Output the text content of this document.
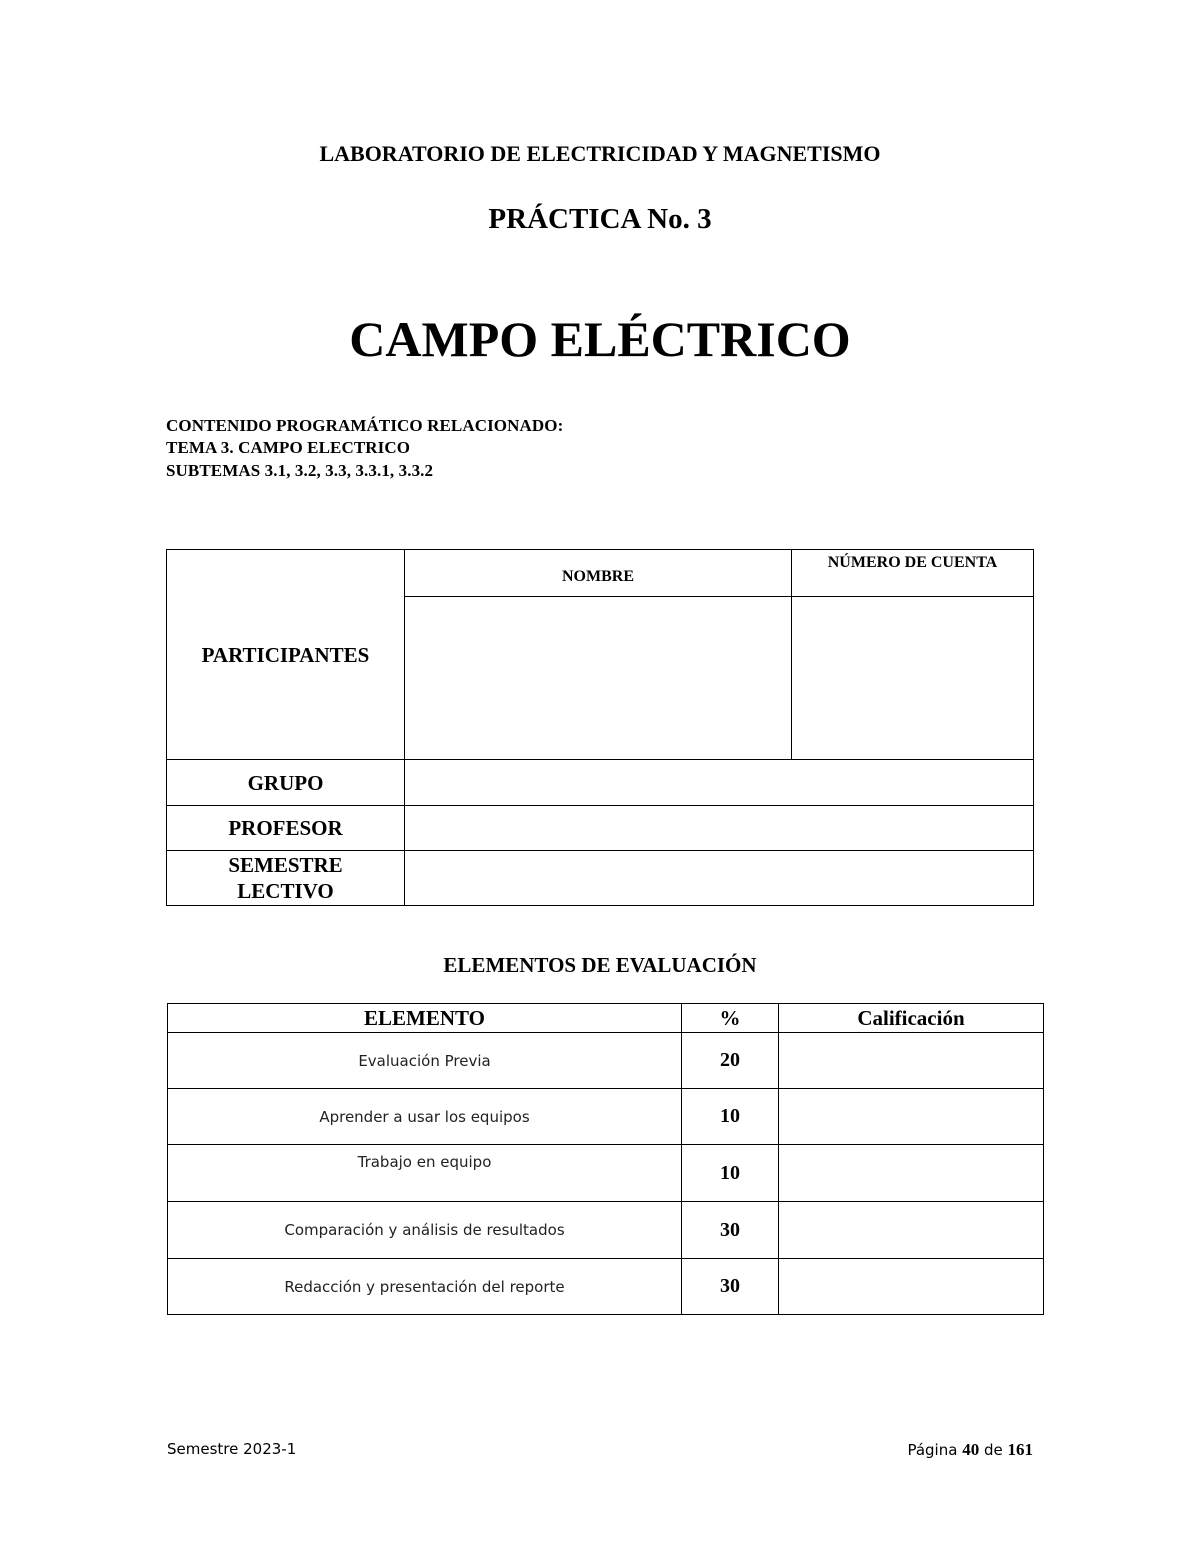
LABORATORIO DE ELECTRICIDAD Y MAGNETISMO
PRÁCTICA No. 3
CAMPO ELÉCTRICO
CONTENIDO PROGRAMÁTICO RELACIONADO:
TEMA 3. CAMPO ELECTRICO
SUBTEMAS 3.1, 3.2, 3.3, 3.3.1, 3.3.2
PARTICIPANTES	NOMBRE	NÚMERO DE CUENTA

GRUPO		
PROFESOR		
SEMESTRE
LECTIVO		
ELEMENTOS DE EVALUACIÓN
ELEMENTO	%	Calificación
Evaluación Previa	20	
Aprender a usar los equipos	10	
Trabajo en equipo	10	
Comparación y análisis de resultados	30	
Redacción y presentación del reporte	30	
Semestre 2023-1	Página 40 de 161
